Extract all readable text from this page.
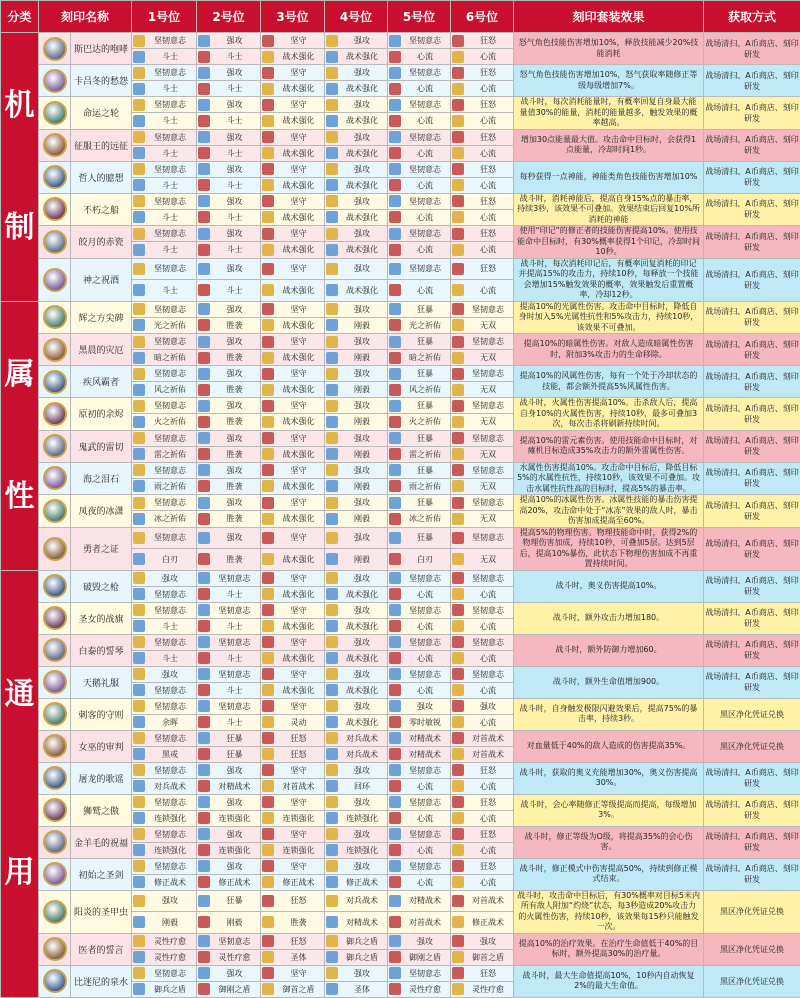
分类	刻印名称		1号位	2号位	3号位	4号位	5号位	6号位	刻印套装效果	获取方式

机
制		斯巴达的咆哮	坚韧意志	强攻	坚守	强攻	坚韧意志	狂怒	怒气角色技能伤害增加10%，释放技能减少20%技能消耗	战场清扫、A币商店、刻印研发
			斗士	斗士	战术强化	战术强化	心流	心流		
		卡吕冬的愁怨	坚韧意志	强攻	坚守	强攻	坚韧意志	狂怒	怒气角色技能伤害增加10%，怒气获取率随修正等级每级增加7%。	战场清扫、A币商店、刻印研发
			斗士	斗士	战术强化	战术强化	心流	心流		
		命运之轮	坚韧意志	强攻	坚守	强攻	坚韧意志	狂怒	战斗时，每次消耗能量时，有概率回复自身最大能量值30%的能量，消耗的能量越多，触发效果的概率越高。	战场清扫、A币商店、刻印研发
			斗士	斗士	战术强化	战术强化	心流	心流		
		征服王的远征	坚韧意志	强攻	坚守	强攻	坚韧意志	狂怒	增加30点能量最大值。攻击命中目标时，会获得1点能量，冷却时间1秒。	战场清扫、A币商店、刻印研发
			斗士	斗士	战术强化	战术强化	心流	心流		
		哲人的臆想	坚韧意志	强攻	坚守	强攻	坚韧意志	狂怒	每秒获得一点神能，神能类角色技能伤害增加10%	战场清扫、A币商店、刻印研发
			斗士	斗士	战术强化	战术强化	心流	心流		
		不朽之船	坚韧意志	强攻	坚守	强攻	坚韧意志	狂怒	战斗时，消耗神能后，提高自身15%点的暴击率，持续3秒，该效果不可叠加。效果结束后回复10%所消耗的神能	战场清扫、A币商店、刻印研发
			斗士	斗士	战术强化	战术强化	心流	心流		
		皎月的赤瓷	坚韧意志	强攻	坚守	强攻	坚韧意志	狂怒	使用“印记”的修正者的技能伤害提高10%。使用技能命中目标时，有30%概率获得1个印记，冷却时间10秒。	战场清扫、A币商店、刻印研发
			斗士	斗士	战术强化	战术强化	心流	心流		
		神之祝酒	坚韧意志	强攻	坚守	强攻	坚韧意志	狂怒	战斗时，每次消耗印记后，有概率回复消耗的印记并提高15%的攻击力，持续10秒，每释放一个技能会增加15%触发效果的概率，效果触发后重置概率，冷却12秒。	战场清扫、A币商店、刻印研发
			斗士	斗士	战术强化	战术强化	心流	心流		

属
性		辉之方尖碑	坚韧意志	强攻	坚守	强攻	狂暴	坚韧意志	提高10%的光属性伤害。攻击命中目标时，降低自身时加入5%光属性抗性和5%攻击力，持续10秒，该效果不可叠加。	战场清扫、A币商店、刻印研发
			光之祈佑	胜袭	战术强化	刚毅	光之祈佑	无双		
		黑晨的灾厄	坚韧意志	强攻	坚守	强攻	狂暴	坚韧意志	提高10%的暗属性伤害。对敌人造成暗属性伤害时，附加3%攻击力的生命移除。	战场清扫、A币商店、刻印研发
			暗之祈佑	胜袭	战术强化	刚毅	暗之祈佑	无双		
		疾风霸者	坚韧意志	强攻	坚守	强攻	狂暴	坚韧意志	提高10%的风属性伤害，每有一个处于冷却状态的技能，都会额外提高5%风属性伤害。	战场清扫、A币商店、刻印研发
			风之祈佑	胜袭	战术强化	刚毅	风之祈佑	无双		
		原初的余烬	坚韧意志	强攻	坚守	强攻	狂暴	坚韧意志	战斗时，火属性伤害提高10%。击杀敌人后，提高自身10%的火属性伤害，持续10秒，最多可叠加3次，每次击杀将刷新持续时间。	战场清扫、A币商店、刻印研发
			火之祈佑	胜袭	战术强化	刚毅	火之祈佑	无双		
		鬼武的雷切	坚韧意志	强攻	坚守	强攻	狂暴	坚韧意志	提高10%的雷元素伤害。使用技能命中目标时，对瘫机目标造成35%攻击力的额外雷属性伤害。	战场清扫、A币商店、刻印研发
			雷之祈佑	胜袭	战术强化	刚毅	雷之祈佑	无双		
		海之泪石	坚韧意志	强攻	坚守	强攻	狂暴	坚韧意志	水属性伤害提高10%。攻击命中目标后，降低目标5%的水属性抗性，持续10秒，该效果不可叠加。攻击水属性抗性高的目标时，提高5%的暴击率。	战场清扫、A币商店、刻印研发
			雨之祈佑	胜袭	战术强化	刚毅	雨之祈佑	无双		
		凤夜的冰潇	坚韧意志	强攻	坚守	强攻	狂暴	坚韧意志	提高10%的冰属性伤害。冰属性技能的暴击伤害提高20%，攻击命中处于“冰冻”效果的敌人时，暴击伤害加成提高至60%。	战场清扫、A币商店、刻印研发
			冰之祈佑	胜袭	战术强化	刚毅	冰之祈佑	无双		
		勇者之证	坚韧意志	强攻	坚守	强攻	狂暴	坚韧意志	提高5%的物理伤害。物理技能命中时，获得2%的物理伤害加成，持续10秒，可叠加5层。达到5层后，提高10%暴伤，此状态下物理伤害加成不再重置持续时间。	战场清扫、A币商店、刻印研发
			白刃	胜袭	战术强化	刚毅	白刃	无双		

通
用		破毁之枪	强攻	坚韧意志	坚守	强攻	坚韧意志	坚韧意志	战斗时，奥义伤害提高10%。	战场清扫、A币商店、刻印研发
			坚韧意志	斗士	战术强化	战术强化	心流	心流		
		圣女的战旗	坚韧意志	坚韧意志	坚守	强攻	坚韧意志	坚韧意志	战斗时，额外攻击力增加180。	战场清扫、A币商店、刻印研发
			斗士	斗士	战术强化	战术强化	心流	心流		
		白泰的誓琴	坚韧意志	坚韧意志	坚守	强攻	坚韧意志	坚韧意志	战斗时，额外防御力增加60。	战场清扫、A币商店、刻印研发
			斗士	斗士	战术强化	战术强化	心流	心流		
		天鹅礼服	强攻	坚韧意志	坚守	强攻	坚韧意志	坚韧意志	战斗时，额外生命值增加900。	战场清扫、A币商店、刻印研发
			坚韧意志	斗士	战术强化	战术强化	心流	心流		
		刺客的守则	坚韧意志	坚韧意志	坚守	强攻	强攻	强攻	战斗时，自身触发极限闪避效果后，提高75%的暴击率，持续3秒。	黑区净化凭证兑换
			余晖	斗士	灵动	战术强化	零时敏锐	心流		
		女巫的审判	坚韧意志	狂暴	狂怒	对兵战术	对精战术	对首战术	对血量低于40%的敌人造成的伤害提高35%。	黑区净化凭证兑换
			黑戒	狂暴	狂怒	对兵战术	对精战术	对首战术		
		屠龙的歌谣	坚韧意志	强攻	坚守	强攻	坚韧意志	狂怒	战斗时，获取的奥义充能增加30%，奥义伤害提高30%。	战场清扫、A币商店、刻印研发
			对兵战术	对精战术	对首战术	回环	心流	心流		
		狮鹫之傲	坚韧意志	强攻	坚守	强攻	坚韧意志	狂怒	战斗时，会心率随修正等级提高而提高，每级增加3%。	战场清扫、A币商店、刻印研发
			连锁强化	连锁强化	连锁强化	连锁强化	心流	心流		
		金羊毛的祝福	坚韧意志	强攻	坚守	强攻	坚韧意志	狂怒	战斗时，修正等级为O级，将提高35%的会心伤害。	战场清扫、A币商店、刻印研发
			连锁强化	连锁强化	连锁强化	连锁强化	心流	心流		
		初始之圣剑	坚韧意志	强攻	坚守	强攻	坚韧意志	狂怒	战斗时，修正模式中伤害提高50%，持续到修正模式结束。	战场清扫、A币商店、刻印研发
			修正战术	修正战术	修正战术	修正战术	心流	心流		
		阳炎的圣甲虫	强攻	狂暴	狂怒	对兵战术	对精战术	对首战术	战斗时，攻击命中目标后，有30%概率对目标5米内所有敌人附加“灼烧”状态，每3秒造成20%攻击力的火属性伤害，持续10秒，该效果每15秒只能触发一次。	黑区净化凭证兑换
			刚毅	刚毅	胜袭	对精战术	对首战术	修正战术		
		医者的誓言	灵性疗愈	坚韧意志	狂怒	御兵之盾	强攻	强攻	提高10%的治疗效果。在治疗生命值低于40%的目标时，额外提高30%的治疗量。	黑区净化凭证兑换
			灵性疗愈	灵性疗愈	圣体	御兵之盾	御刚之盾	御首之盾		
		比迷尼的泉水	坚韧意志	强攻	坚守	强攻	坚韧意志	狂怒	战斗时，最大生命值提高10%，10秒内自动恢复2%的最大生命值。	黑区净化凭证兑换
			御兵之盾	御刚之盾	御首之盾	圣体	灵性疗愈	灵性疗愈		
